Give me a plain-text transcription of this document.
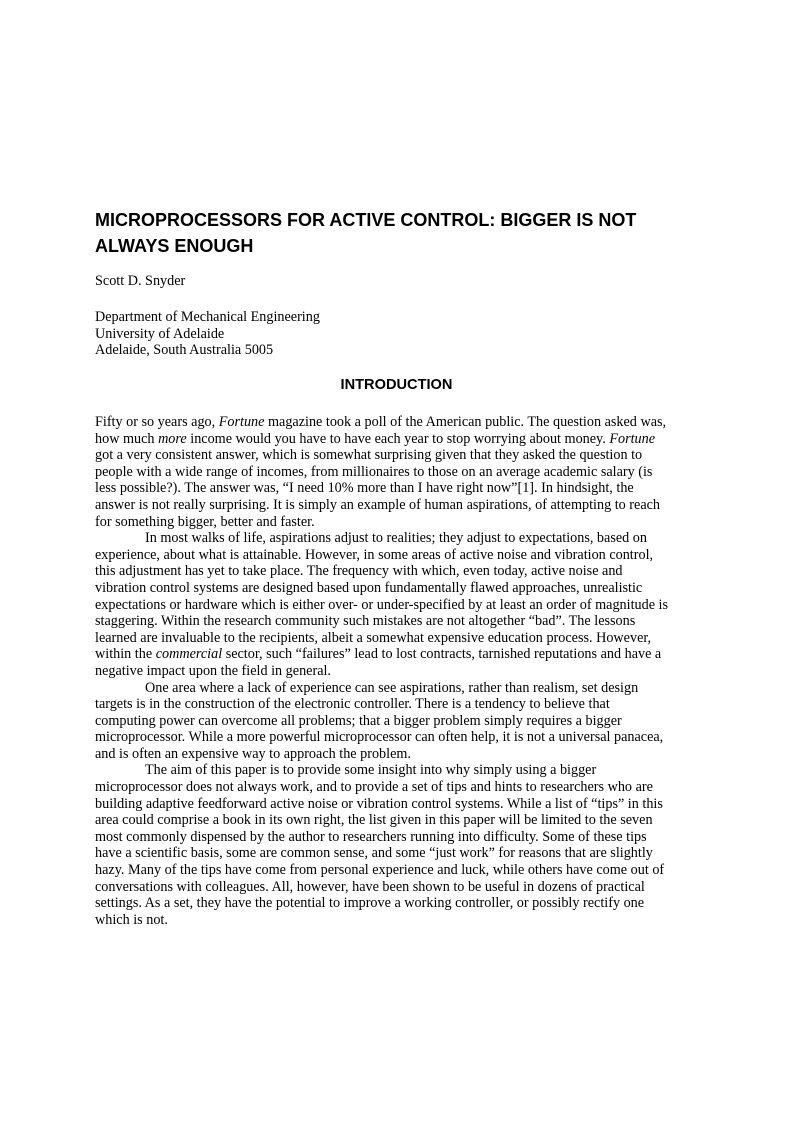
MICROPROCESSORS FOR ACTIVE CONTROL: BIGGER IS NOT
ALWAYS ENOUGH

Scott D. Snyder

Department of Mechanical Engineering
University of Adelaide
Adelaide, South Australia 5005
INTRODUCTION
Fifty or so years ago, Fortune magazine took a poll of the American public. The question asked was,
how much more income would you have to have each year to stop worrying about money. Fortune
got a very consistent answer, which is somewhat surprising given that they asked the question to
people with a wide range of incomes, from millionaires to those on an average academic salary (is
less possible?). The answer was, “I need 10% more than I have right now”[1]. In hindsight, the
answer is not really surprising. It is simply an example of human aspirations, of attempting to reach
for something bigger, better and faster.
In most walks of life, aspirations adjust to realities; they adjust to expectations, based on
experience, about what is attainable. However, in some areas of active noise and vibration control,
this adjustment has yet to take place. The frequency with which, even today, active noise and
vibration control systems are designed based upon fundamentally flawed approaches, unrealistic
expectations or hardware which is either over- or under-specified by at least an order of magnitude is
staggering. Within the research community such mistakes are not altogether “bad”. The lessons
learned are invaluable to the recipients, albeit a somewhat expensive education process. However,
within the commercial sector, such “failures” lead to lost contracts, tarnished reputations and have a
negative impact upon the field in general.
One area where a lack of experience can see aspirations, rather than realism, set design
targets is in the construction of the electronic controller. There is a tendency to believe that
computing power can overcome all problems; that a bigger problem simply requires a bigger
microprocessor. While a more powerful microprocessor can often help, it is not a universal panacea,
and is often an expensive way to approach the problem.
The aim of this paper is to provide some insight into why simply using a bigger
microprocessor does not always work, and to provide a set of tips and hints to researchers who are
building adaptive feedforward active noise or vibration control systems. While a list of “tips” in this
area could comprise a book in its own right, the list given in this paper will be limited to the seven
most commonly dispensed by the author to researchers running into difficulty. Some of these tips
have a scientific basis, some are common sense, and some “just work” for reasons that are slightly
hazy. Many of the tips have come from personal experience and luck, while others have come out of
conversations with colleagues. All, however, have been shown to be useful in dozens of practical
settings. As a set, they have the potential to improve a working controller, or possibly rectify one
which is not.
